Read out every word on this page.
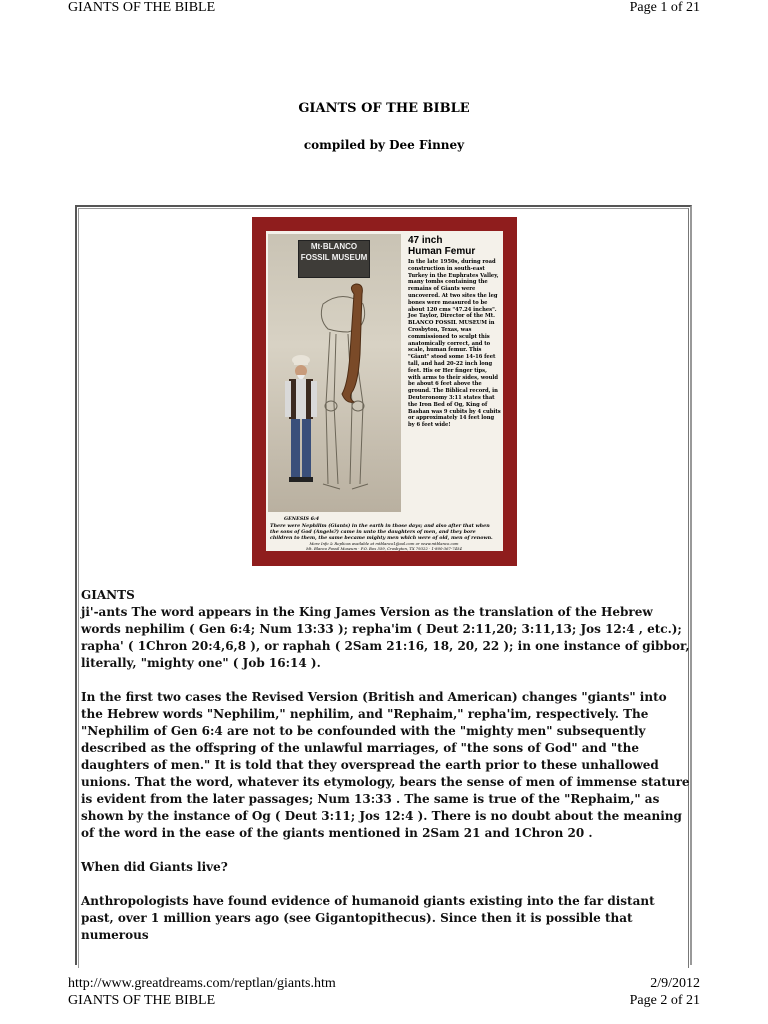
GIANTS OF THE BIBLE	Page 1 of 21
GIANTS OF THE BIBLE
compiled by Dee Finney
Mt·BLANCO
FOSSIL MUSEUM
47 inch
Human Femur
In the late 1950s, during road construction in south-east Turkey in the Euphrates Valley, many tombs containing the remains of Giants were uncovered. At two sites the leg bones were measured to be about 120 cms "47.24 inches". Joe Taylor, Director of the Mt. BLANCO FOSSIL MUSEUM in Crosbyton, Texas, was commissioned to sculpt this anatomically correct, and to scale, human femur. This "Giant" stood some 14-16 feet tall, and had 20-22 inch long feet. His or Her finger tips, with arms to their sides, would be about 6 feet above the ground. The Biblical record, in Deuteronomy 3:11 states that the Iron Bed of Og, King of Bashan was 9 cubits by 4 cubits or approximately 14 feet long by 6 feet wide!
GENESIS 6:4
There were Nephilim (Giants) in the earth in those days; and also after that when the sons of God (Angels?) came in unto the daughters of men, and they bore children to them, the same became mighty men which were of old, men of renown.
More Info & Replicas available at mtblanco1@aol.com or www.mtblanco.com
Mt. Blanco Fossil Museum · P.O. Box 559, Crosbyton, TX 79322 · 1-800-367-7454

GIANTS

ji'-ants The word appears in the King James Version as the translation of the Hebrew words nephilim ( Gen 6:4; Num 13:33 ); repha'im ( Deut 2:11,20; 3:11,13; Jos 12:4 , etc.); rapha' ( 1Chron 20:4,6,8 ), or raphah ( 2Sam 21:16, 18, 20, 22 ); in one instance of gibbor, literally, "mighty one" ( Job 16:14 ).

In the first two cases the Revised Version (British and American) changes "giants" into the Hebrew words "Nephilim," nephilim, and "Rephaim," repha'im, respectively. The "Nephilim of Gen 6:4 are not to be confounded with the "mighty men" subsequently described as the offspring of the unlawful marriages, of "the sons of God" and "the daughters of men." It is told that they overspread the earth prior to these unhallowed unions. That the word, whatever its etymology, bears the sense of men of immense stature is evident from the later passages; Num 13:33 . The same is true of the "Rephaim," as shown by the instance of Og ( Deut 3:11; Jos 12:4 ). There is no doubt about the meaning of the word in the ease of the giants mentioned in 2Sam 21 and 1Chron 20 .

When did Giants live?

Anthropologists have found evidence of humanoid giants existing into the far distant past, over 1 million years ago (see Gigantopithecus). Since then it is possible that numerous

http://www.greatdreams.com/reptlan/giants.htm	2/9/2012
GIANTS OF THE BIBLE	Page 2 of 21
